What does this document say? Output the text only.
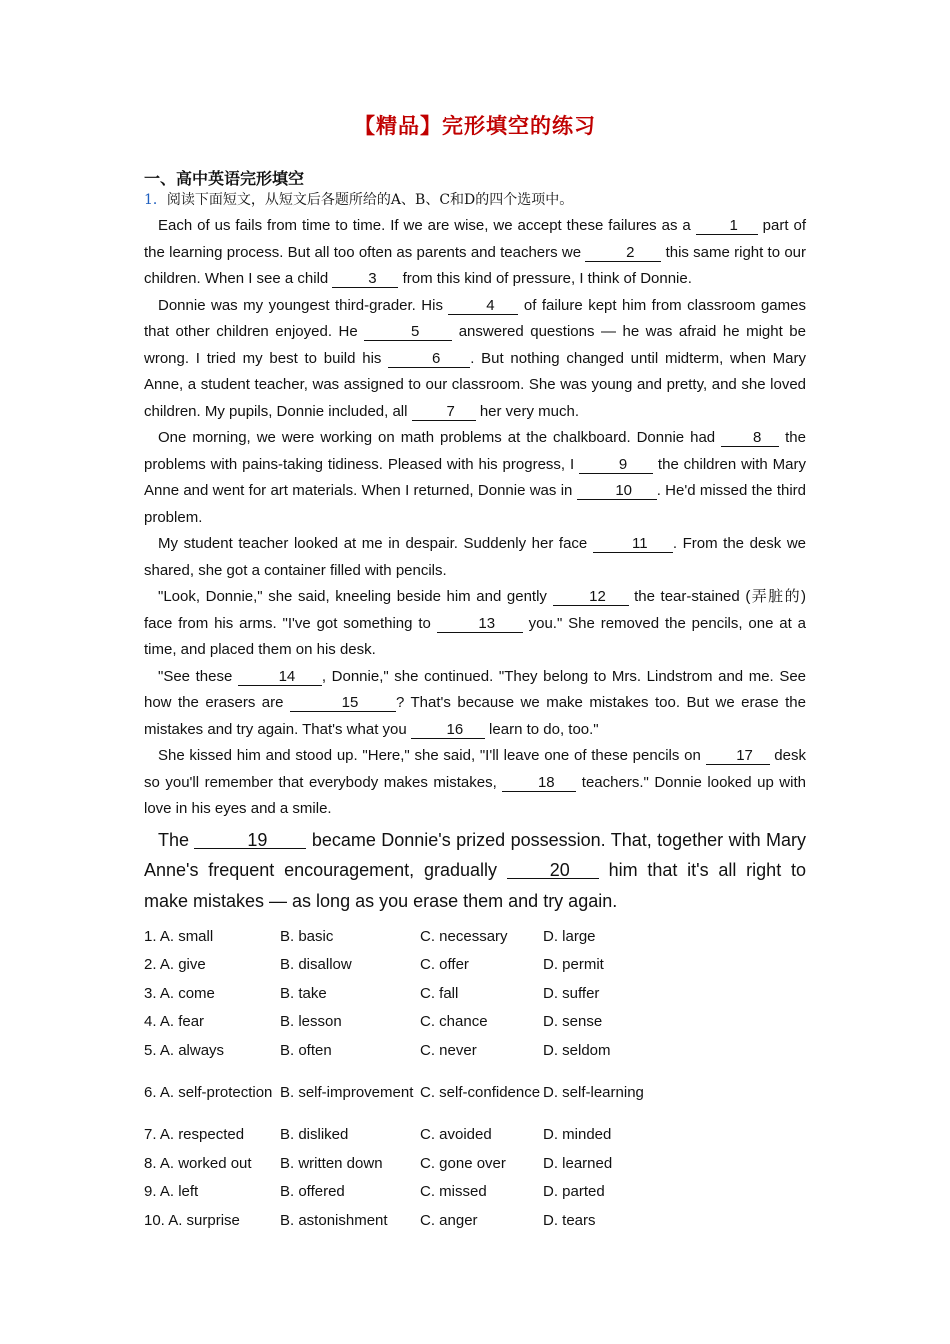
【精品】完形填空的练习
一、高中英语完形填空

1．阅读下面短文，从短文后各题所给的A、B、C和D的四个选项中。

Each of us fails from time to time. If we are wise, we accept these failures as a 1 part of the learning process. But all too often as parents and teachers we	2 this same right to our children. When I see a child 3 from this kind of pressure, I think of Donnie.

Donnie was my youngest third-grader. His	4 of failure kept him from classroom games that other children enjoyed. He	5 answered questions — he was afraid he might be wrong. I tried my best to build his	6 . But nothing changed until midterm, when Mary Anne, a student teacher, was assigned to our classroom. She was young and pretty, and she loved children. My pupils, Donnie included, all 7 her very much.

One morning, we were working on math problems at the chalkboard. Donnie had 8 the problems with pains-taking tidiness. Pleased with his progress, I	9 the children with Mary Anne and went for art materials. When I returned, Donnie was in	10 . He'd missed the third problem.

My student teacher looked at me in despair. Suddenly her face	11 . From the desk we shared, she got a container filled with pencils.

"Look, Donnie," she said, kneeling beside him and gently 12 the tear-stained (弄脏的) face from his arms. "I've got something to	13 you." She removed the pencils, one at a time, and placed them on his desk.

"See these	14 , Donnie," she continued. "They belong to Mrs. Lindstrom and me. See how the erasers are	15	? That's because we make mistakes too. But we erase the mistakes and try again. That's what you 16 learn to do, too."

She kissed him and stood up. "Here," she said, "I'll leave one of these pencils on 17 desk so you'll remember that everybody makes mistakes, 18 teachers." Donnie looked up with love in his eyes and a smile.

The	19 became Donnie's prized possession. That, together with Mary Anne's frequent encouragement, gradually 20 him that it's all right to make mistakes — as long as you erase them and try again.

1. A. small	B. basic	C. necessary	D. large
2. A. give	B. disallow	C. offer	D. permit
3. A. come	B. take	C. fall	D. suffer
4. A. fear	B. lesson	C. chance	D. sense
5. A. always	B. often	C. never	D. seldom
6. A. self-protection	B. self-improvement	C. self-confidence	D. self-learning
7. A. respected	B. disliked	C. avoided	D. minded
8. A. worked out	B. written down	C. gone over	D. learned
9. A. left	B. offered	C. missed	D. parted
10. A. surprise	B. astonishment	C. anger	D. tears
